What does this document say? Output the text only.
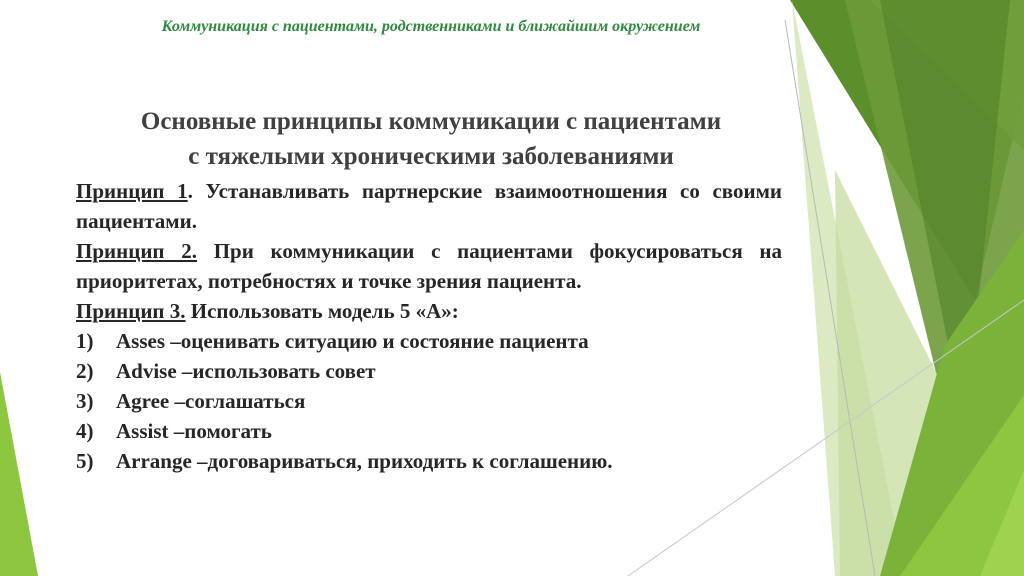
Коммуникация с пациентами, родственниками и ближайшим окружением
Основные принципы коммуникации с пациентами
с тяжелыми хроническими заболеваниями

Принцип 1. Устанавливать партнерские взаимоотношения со своими пациентами.

Принцип 2. При коммуникации с пациентами фокусироваться на приоритетах, потребностях и точке зрения пациента.

Принцип 3. Использовать модель 5 «А»:

1)	Asses –оценивать ситуацию и состояние пациента
2)	Advise –использовать совет
3)	Agree –соглашаться
4)	Assist –помогать
5)	Arrange –договариваться, приходить к соглашению.
